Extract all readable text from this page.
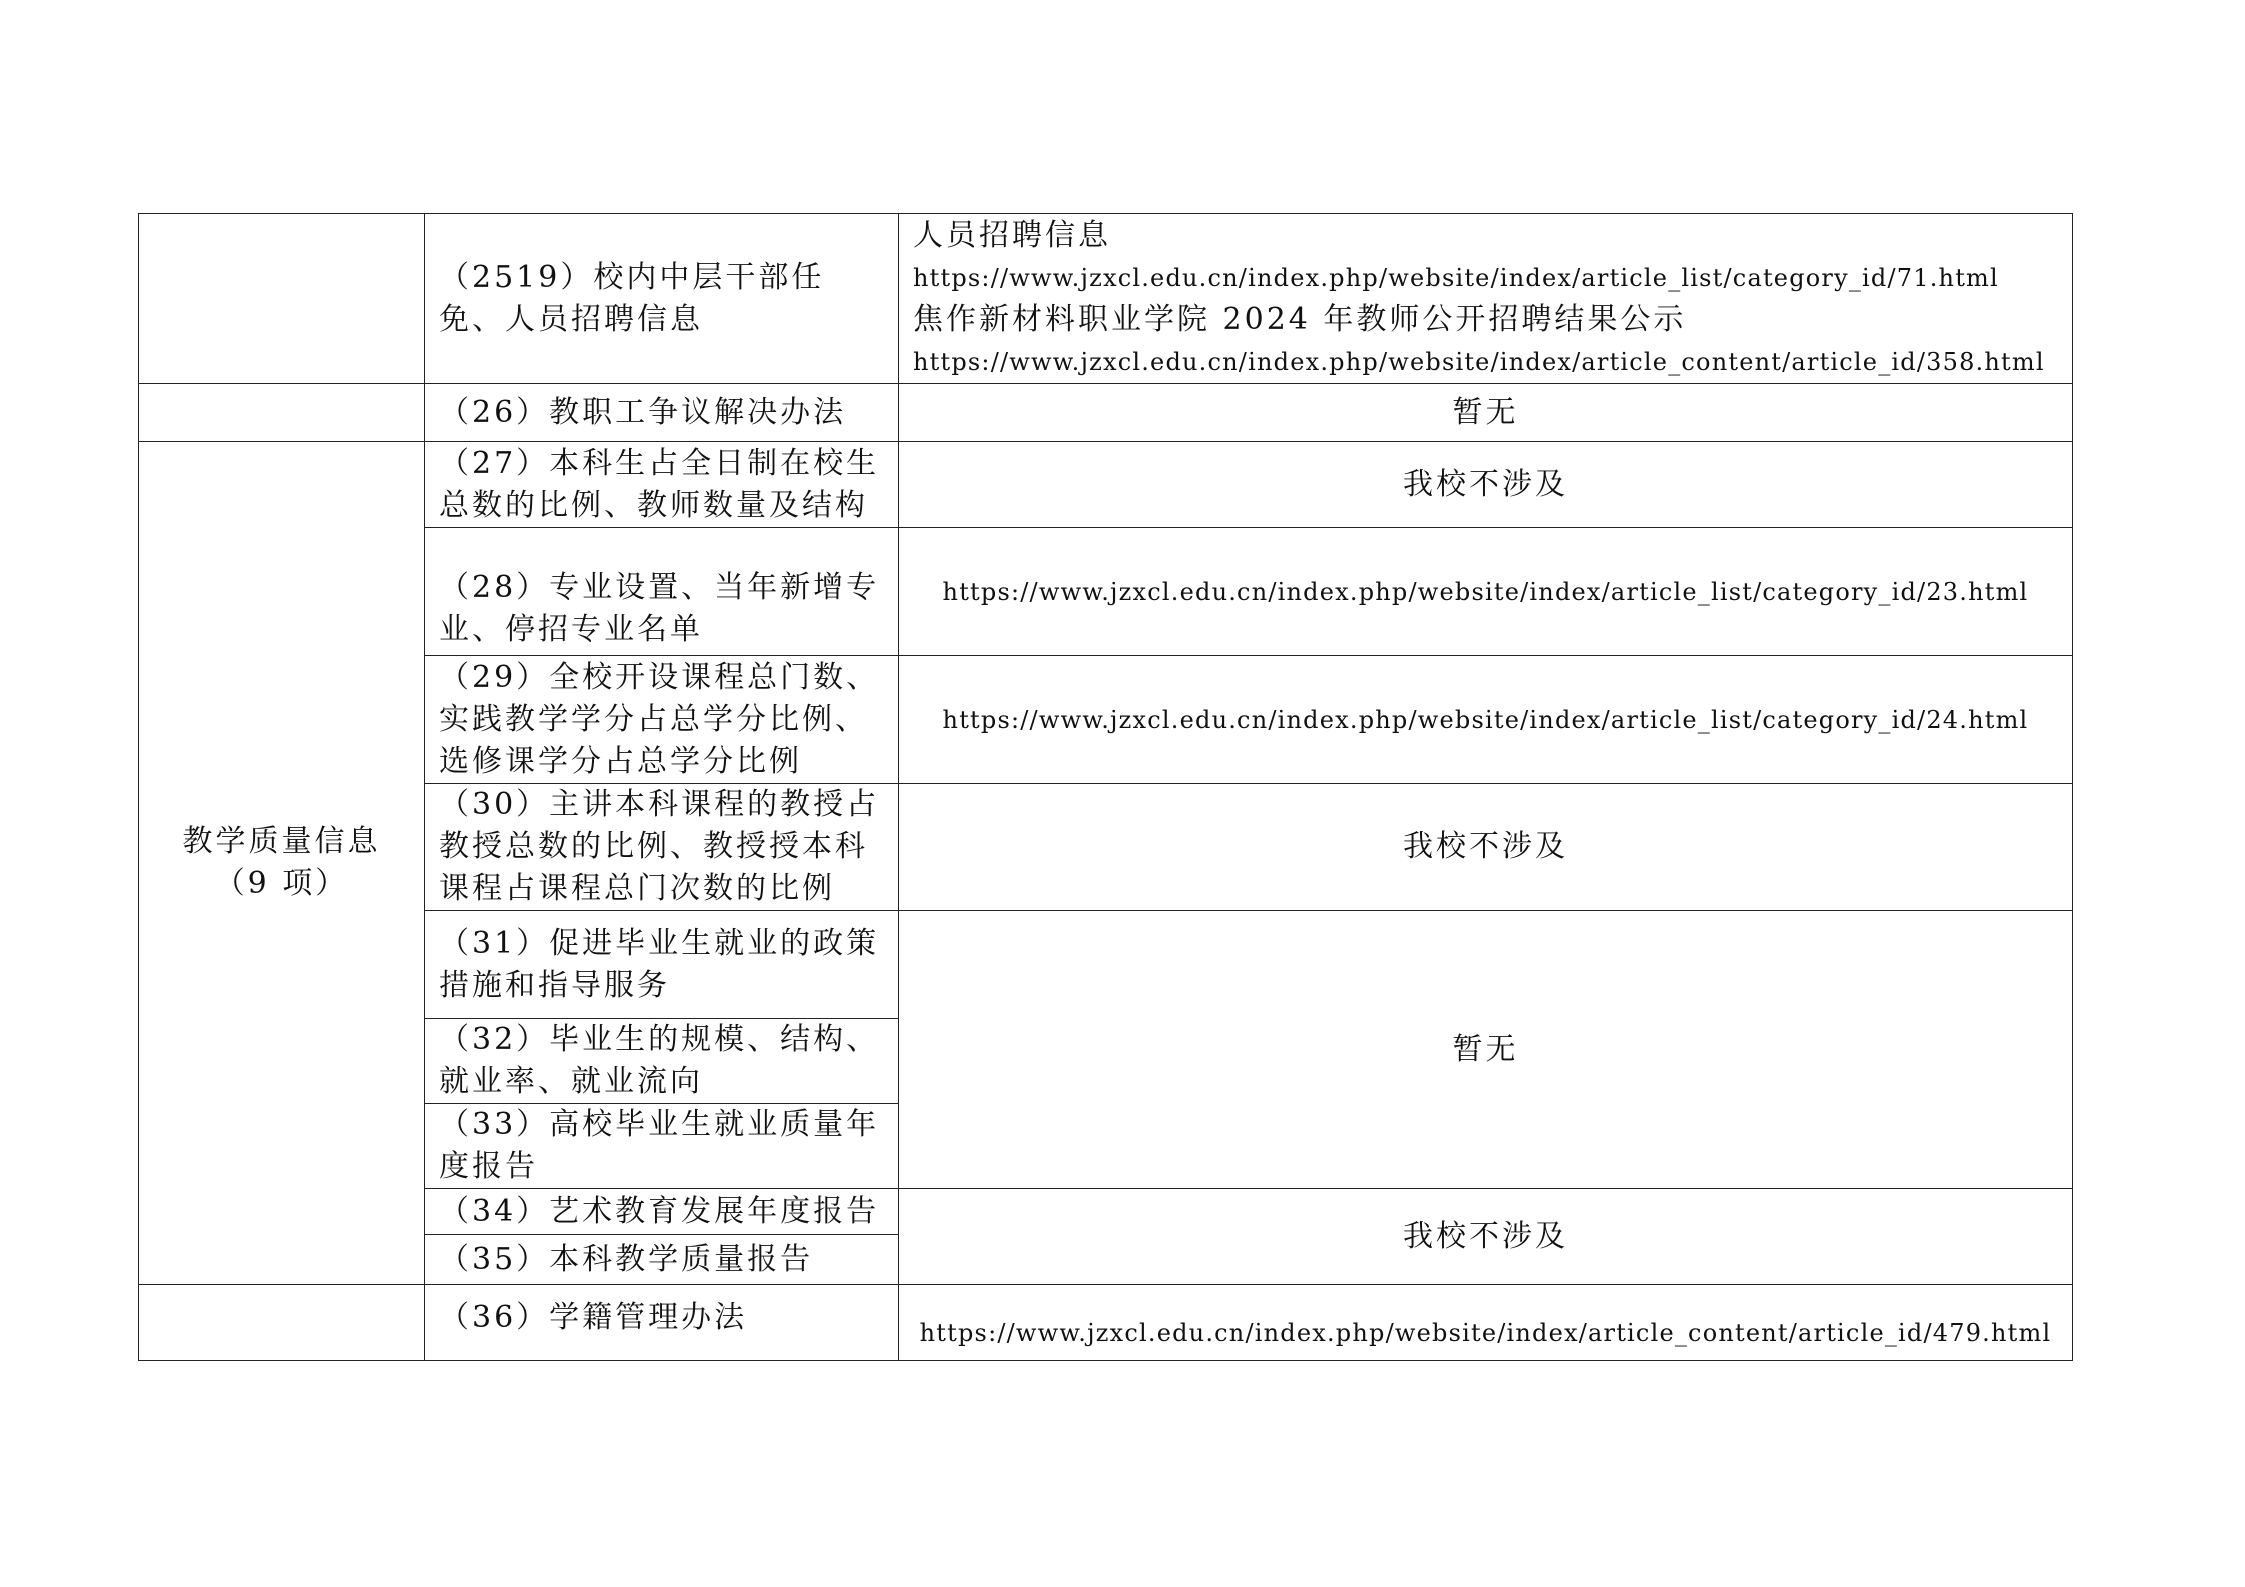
	（2519）校内中层干部任免、人员招聘信息	人员招聘信息
https://www.jzxcl.edu.cn/index.php/website/index/article_list/category_id/71.html
焦作新材料职业学院 2024 年教师公开招聘结果公示
https://www.jzxcl.edu.cn/index.php/website/index/article_content/article_id/358.html

	（26）教职工争议解决办法	暂无

教学质量信息
（9 项）	（27）本科生占全日制在校生总数的比例、教师数量及结构	我校不涉及
	（28）专业设置、当年新增专业、停招专业名单	https://www.jzxcl.edu.cn/index.php/website/index/article_list/category_id/23.html
	（29）全校开设课程总门数、实践教学学分占总学分比例、选修课学分占总学分比例	https://www.jzxcl.edu.cn/index.php/website/index/article_list/category_id/24.html
	（30）主讲本科课程的教授占教授总数的比例、教授授本科课程占课程总门次数的比例	我校不涉及
	（31）促进毕业生就业的政策措施和指导服务	暂无
	（32）毕业生的规模、结构、就业率、就业流向	
	（33）高校毕业生就业质量年度报告	
	（34）艺术教育发展年度报告	我校不涉及
	（35）本科教学质量报告	
	（36）学籍管理办法	https://www.jzxcl.edu.cn/index.php/website/index/article_content/article_id/479.html
